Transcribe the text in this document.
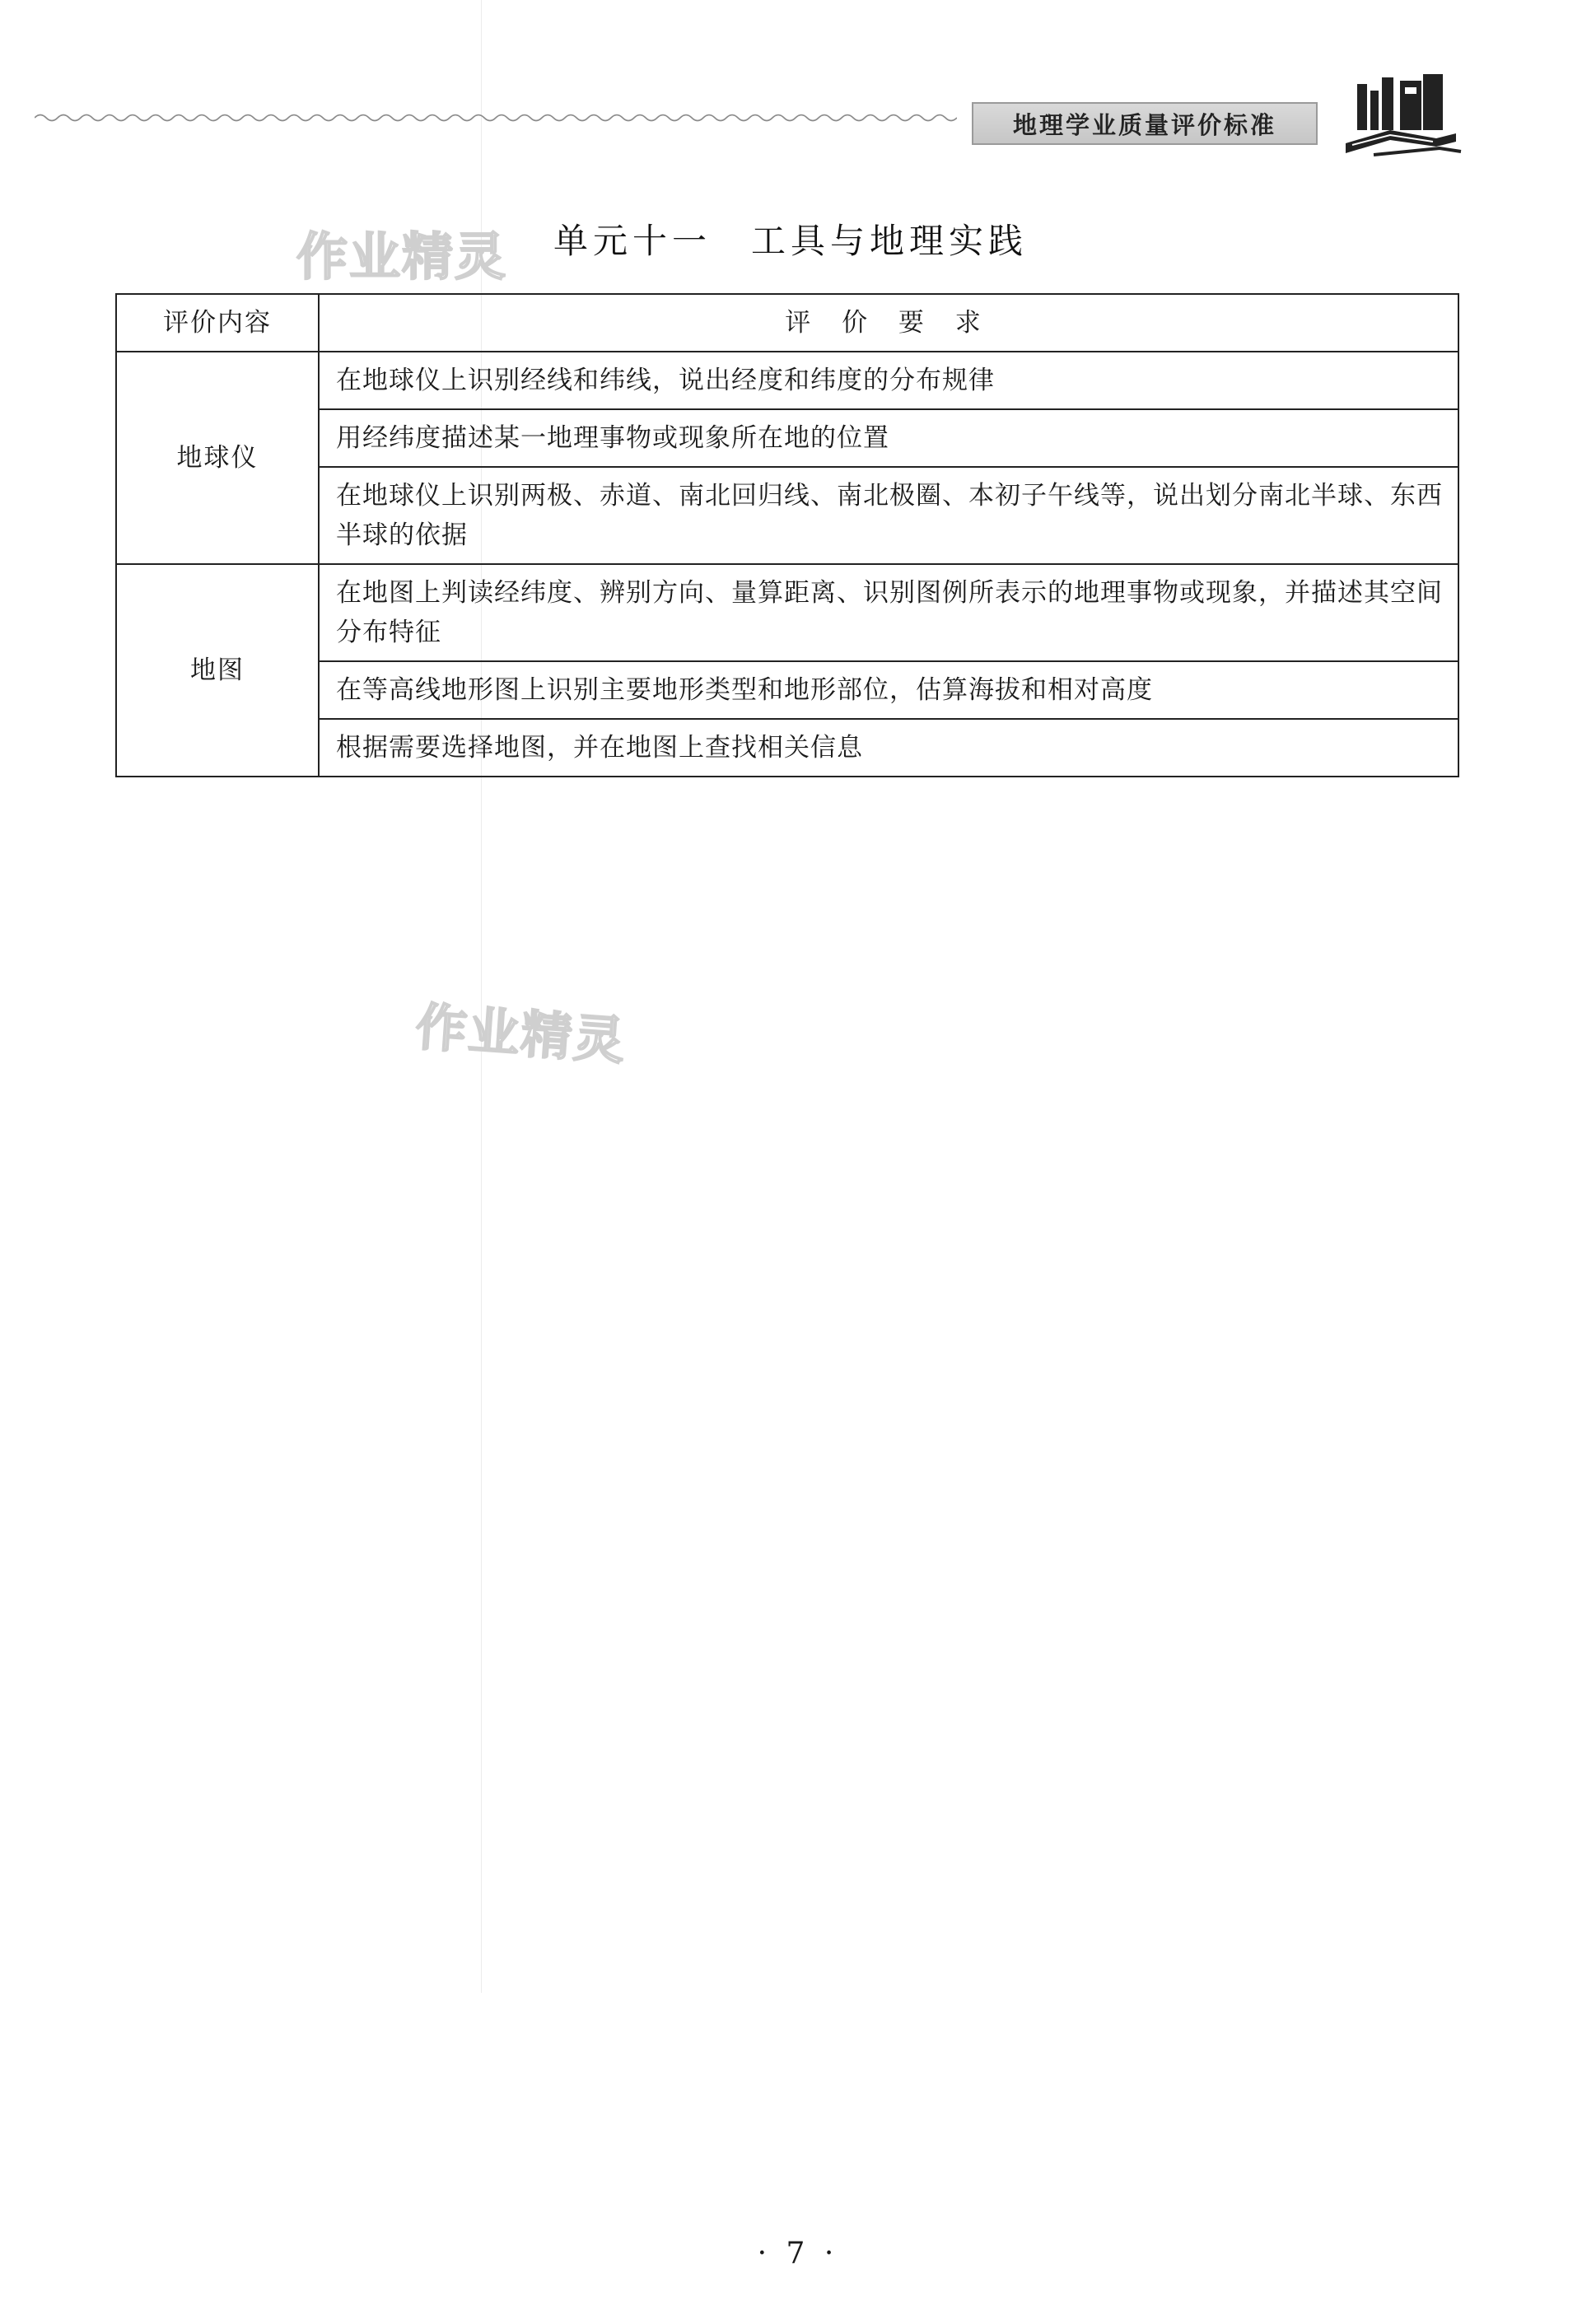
地理学业质量评价标准
作业精灵 单元十一　工具与地理实践
评价内容	评 价 要 求
地球仪	在地球仪上识别经线和纬线，说出经度和纬度的分布规律
	用经纬度描述某一地理事物或现象所在地的位置
	在地球仪上识别两极、赤道、南北回归线、南北极圈、本初子午线等，说出划分南北半球、东西半球的依据
地图	在地图上判读经纬度、辨别方向、量算距离、识别图例所表示的地理事物或现象，并描述其空间分布特征
	在等高线地形图上识别主要地形类型和地形部位，估算海拔和相对高度
	根据需要选择地图，并在地图上查找相关信息
作业精灵
· 7 ·
